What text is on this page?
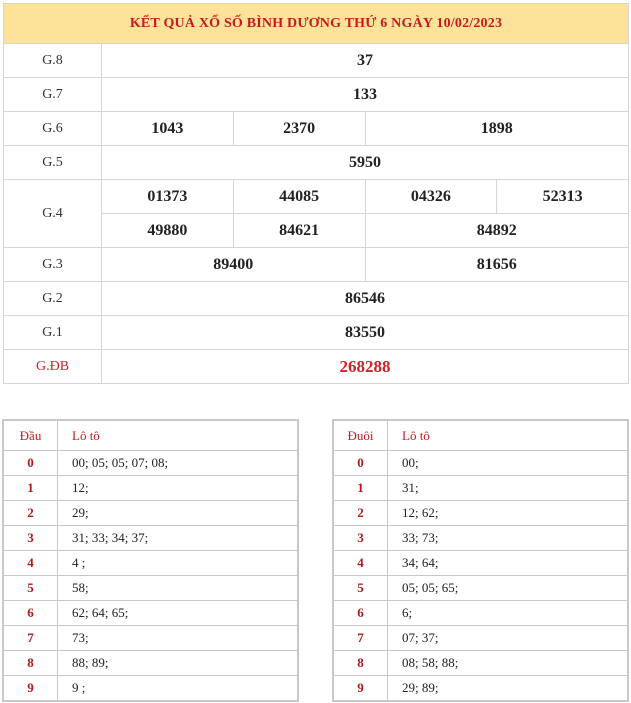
KẾT QUẢ XỔ SỐ BÌNH DƯƠNG THỨ 6 NGÀY 10/02/2023				
G.8	37			
G.7	133			
G.6	1043	2370	1898	
G.5	5950			
G.4	01373	44085	04326	52313
	49880	84621	84892	
G.3	89400		81656	
G.2	86546			
G.1	83550			
G.ĐB	268288			
Đầu	Lô tô
0	00; 05; 05; 07; 08;
1	12;
2	29;
3	31; 33; 34; 37;
4	4 ;
5	58;
6	62; 64; 65;
7	73;
8	88; 89;
9	9 ;
Đuôi	Lô tô
0	00;
1	31;
2	12; 62;
3	33; 73;
4	34; 64;
5	05; 05; 65;
6	6;
7	07; 37;
8	08; 58; 88;
9	29; 89;
